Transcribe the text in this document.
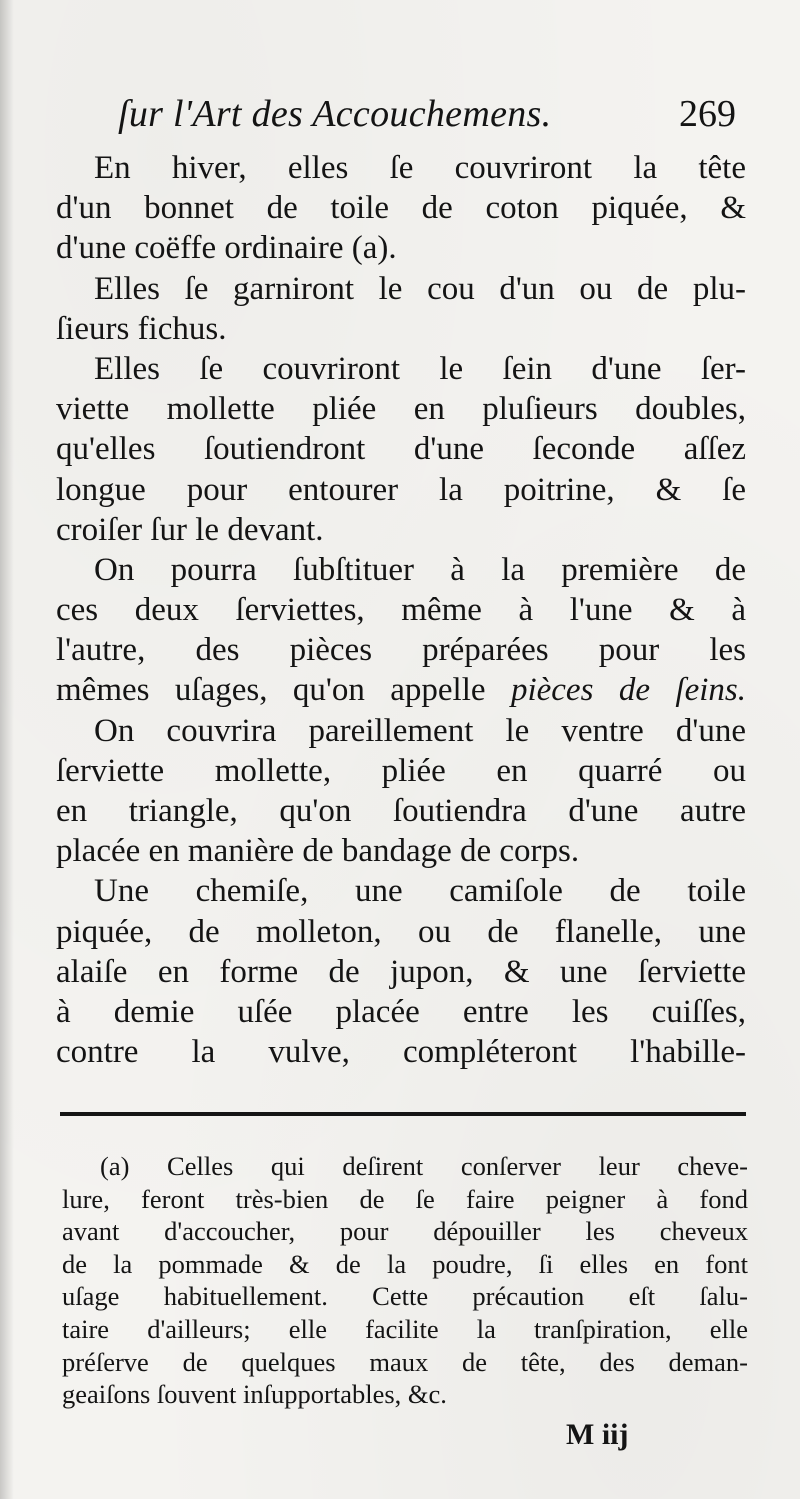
ſur l'Art des Accouchemens.	269
En hiver, elles ſe couvriront la tête
d'un bonnet de toile de coton piquée, &
d'une coëffe ordinaire (a).
Elles ſe garniront le cou d'un ou de plu-
ſieurs fichus.
Elles ſe couvriront le ſein d'une ſer-
viette mollette pliée en pluſieurs doubles,
qu'elles ſoutiendront d'une ſeconde aſſez
longue pour entourer la poitrine, & ſe
croiſer ſur le devant.
On pourra ſubſtituer à la première de
ces deux ſerviettes, même à l'une & à
l'autre, des pièces préparées pour les
mêmes uſages, qu'on appelle pièces de ſeins.
On couvrira pareillement le ventre d'une
ſerviette mollette, pliée en quarré ou
en triangle, qu'on ſoutiendra d'une autre
placée en manière de bandage de corps.
Une chemiſe, une camiſole de toile
piquée, de molleton, ou de flanelle, une
alaiſe en forme de jupon, & une ſerviette
à demie uſée placée entre les cuiſſes,
contre la vulve, compléteront l'habille-
(a) Celles qui deſirent conſerver leur cheve-
lure, feront très-bien de ſe faire peigner à fond
avant d'accoucher, pour dépouiller les cheveux
de la pommade & de la poudre, ſi elles en font
uſage habituellement. Cette précaution eſt ſalu-
taire d'ailleurs; elle facilite la tranſpiration, elle
préſerve de quelques maux de tête, des deman-
geaiſons ſouvent inſupportables, &c.
M iij
